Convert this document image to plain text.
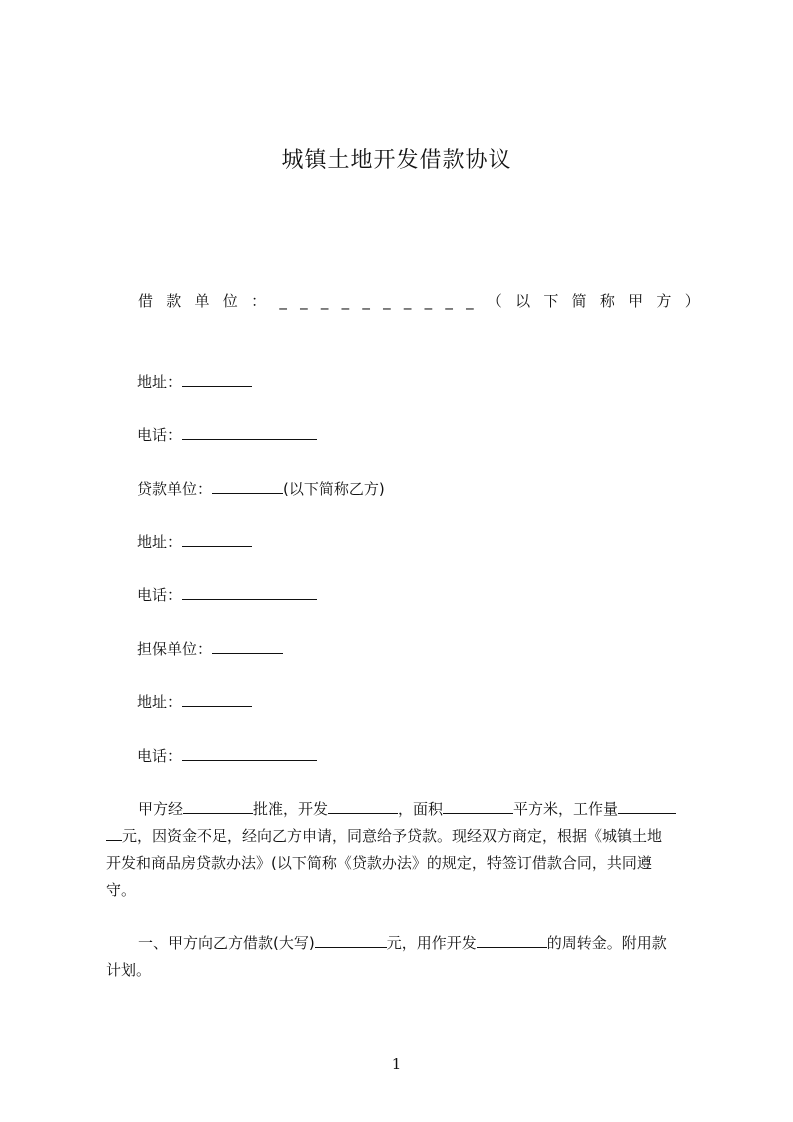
城镇土地开发借款协议
借 款 单 位 ： _ _ _ _ _ _ _ _ _ _ （ 以 下 简 称 甲 方 ）
地址：
电话：
贷款单位：	(以下简称乙方)
地址：
电话：
担保单位：
地址：
电话：
甲方经	批准，开发	，面积	平方米，工作量
元，因资金不足，经向乙方申请，同意给予贷款。现经双方商定，根据《城镇土地
开发和商品房贷款办法》(以下简称《贷款办法》的规定，特签订借款合同，共同遵
守。
一、甲方向乙方借款(大写)	元，用作开发	的周转金。附用款
计划。
1
